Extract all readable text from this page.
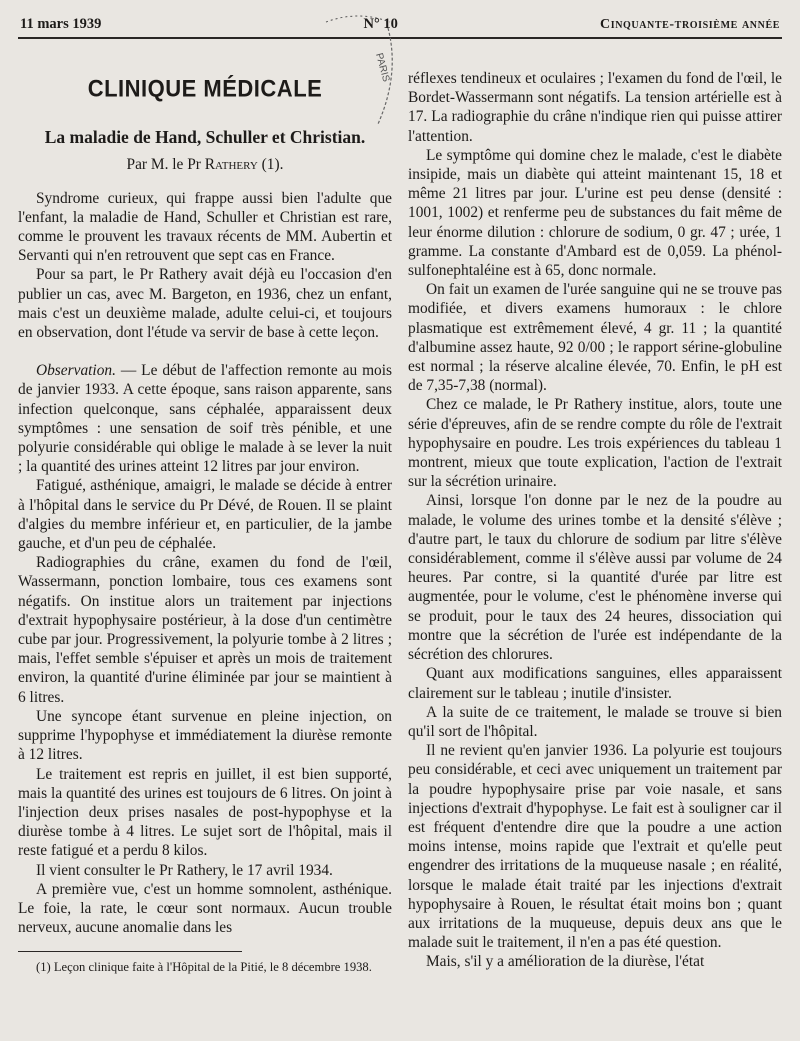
11 mars 1939	N° 10	Cinquante-troisième année
PARIS
CLINIQUE MÉDICALE
La maladie de Hand, Schuller et Christian.
Par M. le Pr Rathery (1).

Syndrome curieux, qui frappe aussi bien l'adulte que l'enfant, la maladie de Hand, Schuller et Christian est rare, comme le prouvent les travaux récents de MM. Aubertin et Servanti qui n'en retrouvent que sept cas en France.

Pour sa part, le Pr Rathery avait déjà eu l'occasion d'en publier un cas, avec M. Bargeton, en 1936, chez un enfant, mais c'est un deuxième malade, adulte celui-ci, et toujours en observation, dont l'étude va servir de base à cette leçon.

Observation. — Le début de l'affection remonte au mois de janvier 1933. A cette époque, sans raison apparente, sans infection quelconque, sans céphalée, apparaissent deux symptômes : une sensation de soif très pénible, et une polyurie considérable qui oblige le malade à se lever la nuit ; la quantité des urines atteint 12 litres par jour environ.

Fatigué, asthénique, amaigri, le malade se décide à entrer à l'hôpital dans le service du Pr Dévé, de Rouen. Il se plaint d'algies du membre inférieur et, en particulier, de la jambe gauche, et d'un peu de céphalée.

Radiographies du crâne, examen du fond de l'œil, Wassermann, ponction lombaire, tous ces examens sont négatifs. On institue alors un traitement par injections d'extrait hypophysaire postérieur, à la dose d'un centimètre cube par jour. Progressivement, la polyurie tombe à 2 litres ; mais, l'effet semble s'épuiser et après un mois de traitement environ, la quantité d'urine éliminée par jour se maintient à 6 litres.

Une syncope étant survenue en pleine injection, on supprime l'hypophyse et immédiatement la diurèse remonte à 12 litres.

Le traitement est repris en juillet, il est bien supporté, mais la quantité des urines est toujours de 6 litres. On joint à l'injection deux prises nasales de post-hypophyse et la diurèse tombe à 4 litres. Le sujet sort de l'hôpital, mais il reste fatigué et a perdu 8 kilos.

Il vient consulter le Pr Rathery, le 17 avril 1934.

A première vue, c'est un homme somnolent, asthénique. Le foie, la rate, le cœur sont normaux. Aucun trouble nerveux, aucune anomalie dans les

(1) Leçon clinique faite à l'Hôpital de la Pitié, le 8 décembre 1938.

réflexes tendineux et oculaires ; l'examen du fond de l'œil, le Bordet-Wassermann sont négatifs. La tension artérielle est à 17. La radiographie du crâne n'indique rien qui puisse attirer l'attention.

Le symptôme qui domine chez le malade, c'est le diabète insipide, mais un diabète qui atteint maintenant 15, 18 et même 21 litres par jour. L'urine est peu dense (densité : 1001, 1002) et renferme peu de substances du fait même de leur énorme dilution : chlorure de sodium, 0 gr. 47 ; urée, 1 gramme. La constante d'Ambard est de 0,059. La phénol-sulfonephtaléine est à 65, donc normale.

On fait un examen de l'urée sanguine qui ne se trouve pas modifiée, et divers examens humoraux : le chlore plasmatique est extrêmement élevé, 4 gr. 11 ; la quantité d'albumine assez haute, 92 0/00 ; le rapport sérine-globuline est normal ; la réserve alcaline élevée, 70. Enfin, le pH est de 7,35-7,38 (normal).

Chez ce malade, le Pr Rathery institue, alors, toute une série d'épreuves, afin de se rendre compte du rôle de l'extrait hypophysaire en poudre. Les trois expériences du tableau 1 montrent, mieux que toute explication, l'action de l'extrait sur la sécrétion urinaire.

Ainsi, lorsque l'on donne par le nez de la poudre au malade, le volume des urines tombe et la densité s'élève ; d'autre part, le taux du chlorure de sodium par litre s'élève considérablement, comme il s'élève aussi par volume de 24 heures. Par contre, si la quantité d'urée par litre est augmentée, pour le volume, c'est le phénomène inverse qui se produit, pour le taux des 24 heures, dissociation qui montre que la sécrétion de l'urée est indépendante de la sécrétion des chlorures.

Quant aux modifications sanguines, elles apparaissent clairement sur le tableau ; inutile d'insister.

A la suite de ce traitement, le malade se trouve si bien qu'il sort de l'hôpital.

Il ne revient qu'en janvier 1936. La polyurie est toujours peu considérable, et ceci avec uniquement un traitement par la poudre hypophysaire prise par voie nasale, et sans injections d'extrait d'hypophyse. Le fait est à souligner car il est fréquent d'entendre dire que la poudre a une action moins intense, moins rapide que l'extrait et qu'elle peut engendrer des irritations de la muqueuse nasale ; en réalité, lorsque le malade était traité par les injections d'extrait hypophysaire à Rouen, le résultat était moins bon ; quant aux irritations de la muqueuse, depuis deux ans que le malade suit le traitement, il n'en a pas été question.

Mais, s'il y a amélioration de la diurèse, l'état
